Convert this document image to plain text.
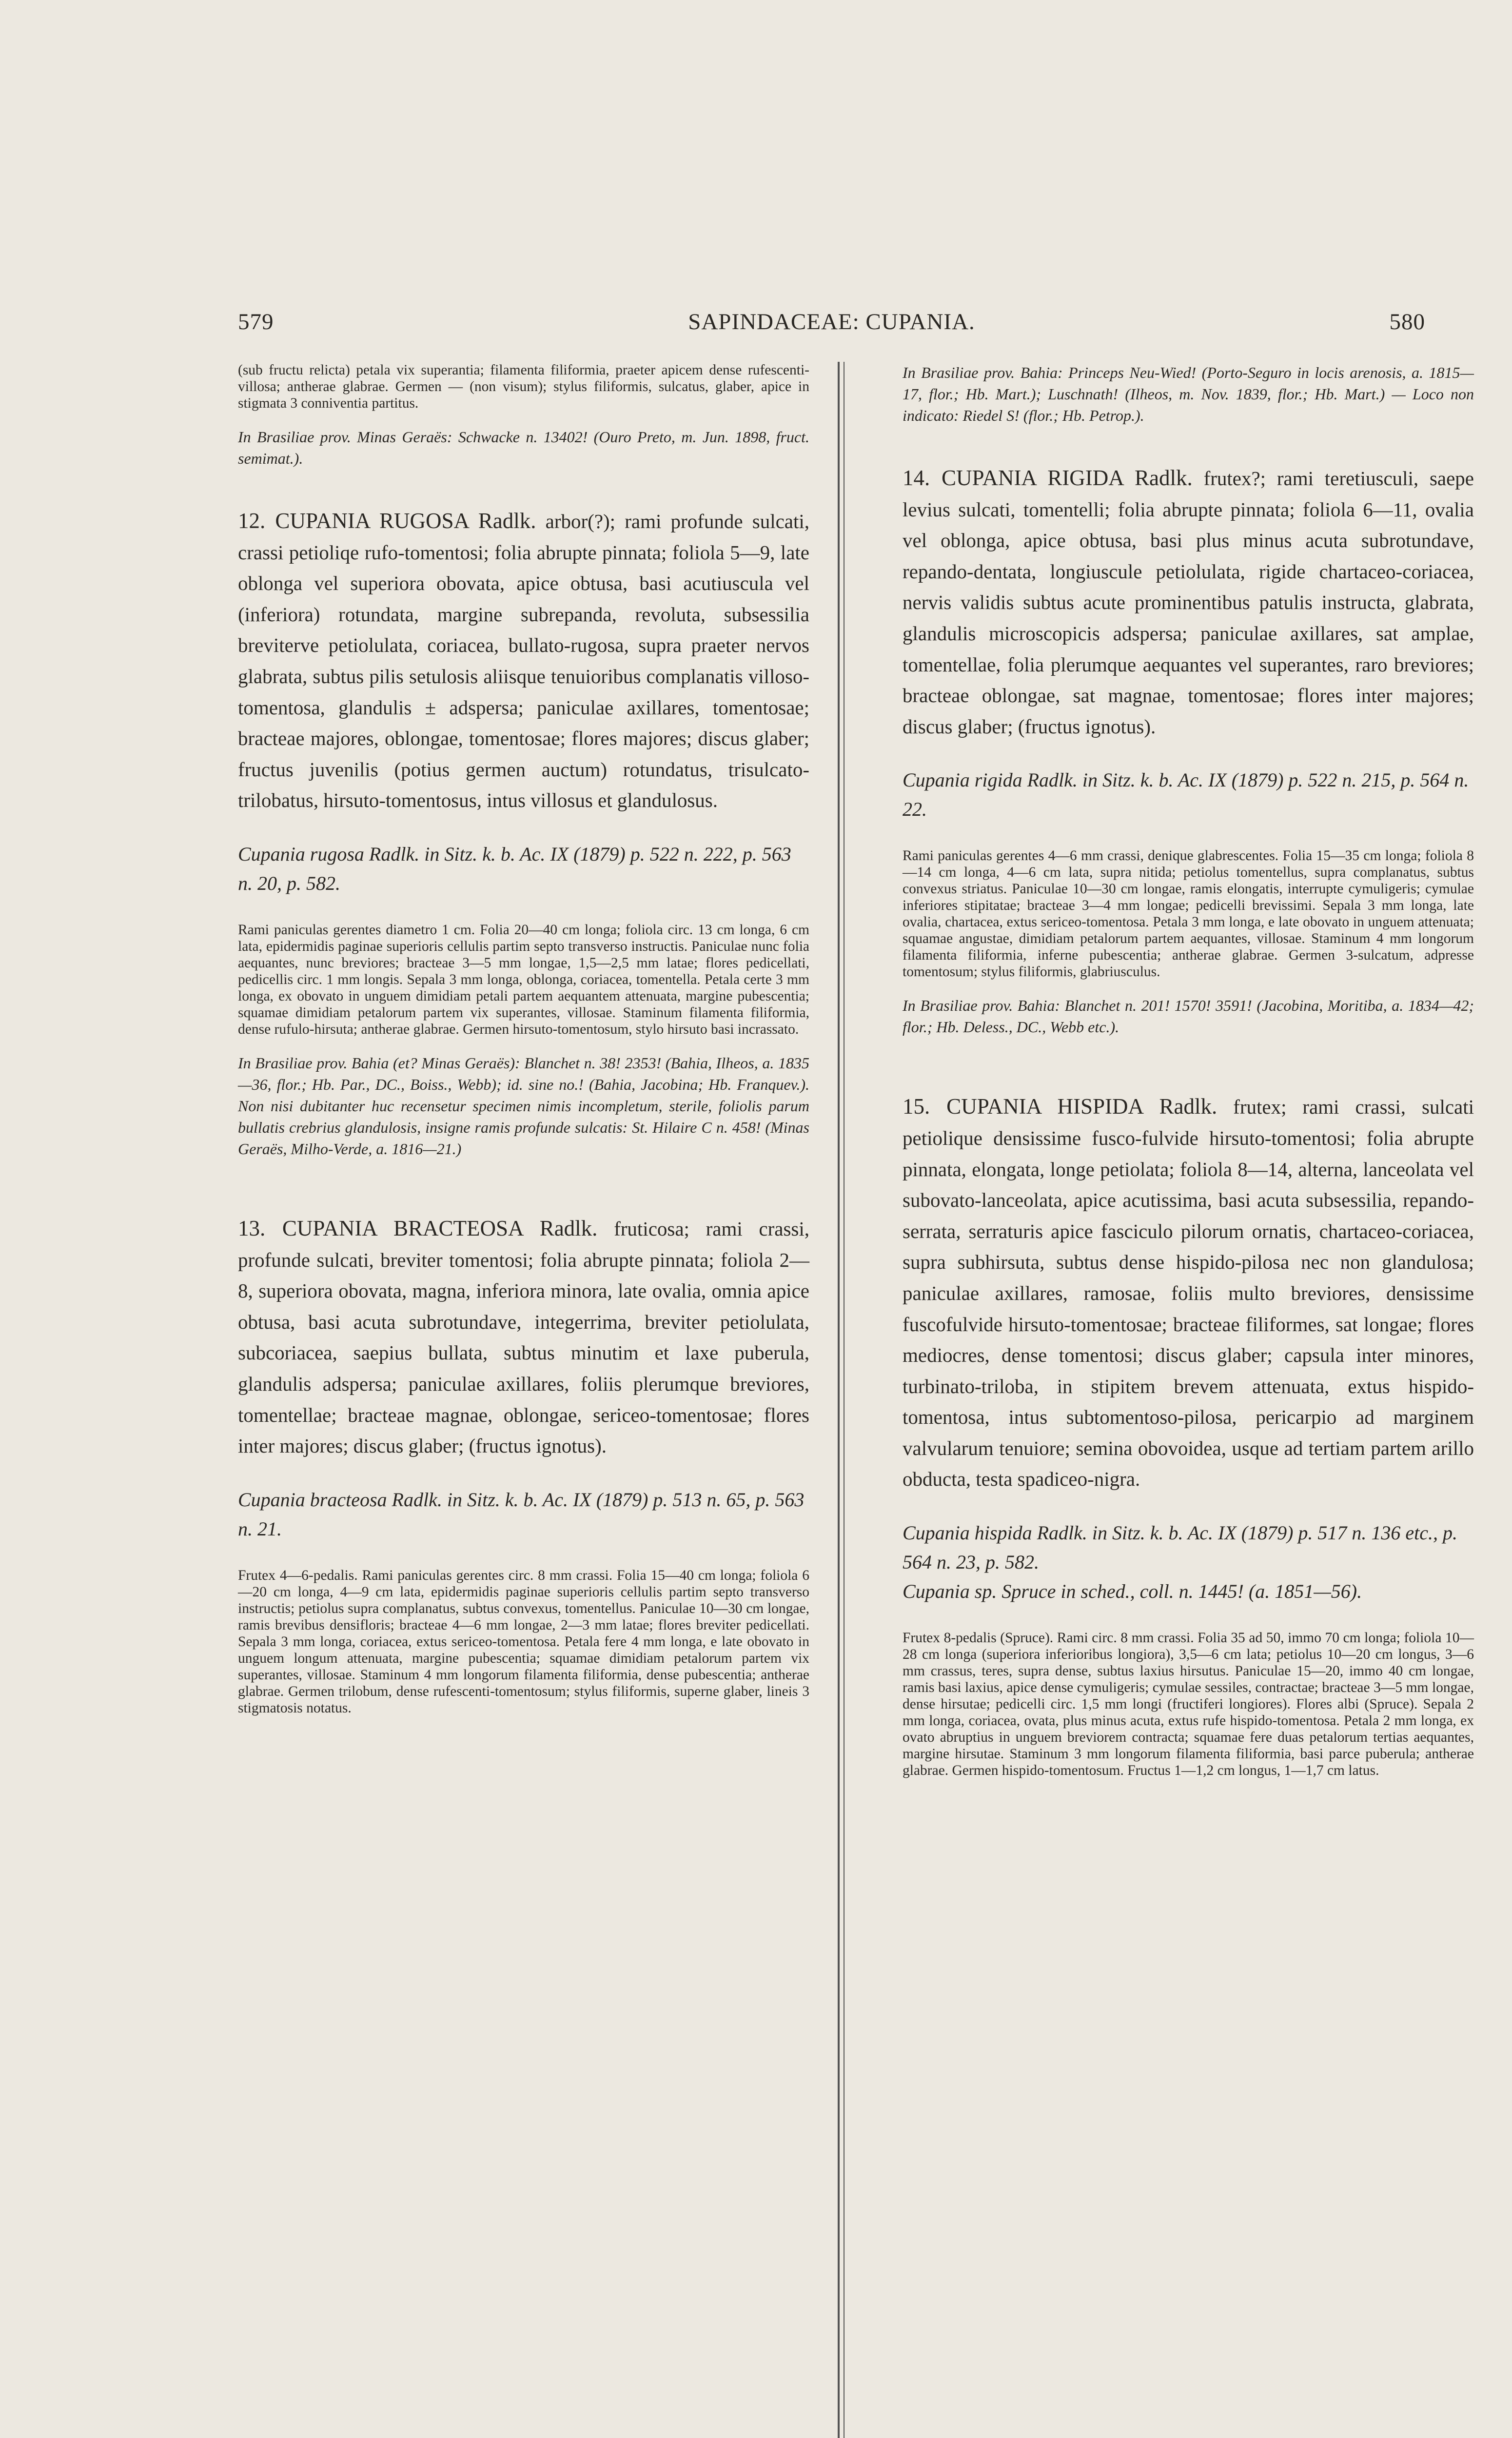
579	SAPINDACEAE: CUPANIA.	580

(sub fructu relicta) petala vix superantia; filamenta filiformia, praeter apicem dense rufescenti-villosa; antherae glabrae. Germen — (non visum); stylus filiformis, sulcatus, glaber, apice in stigmata 3 conniventia partitus.

In Brasiliae prov. Minas Geraës: Schwacke n. 13402! (Ouro Preto, m. Jun. 1898, fruct. semimat.).

12. CUPANIA RUGOSA Radlk. arbor(?); rami profunde sulcati, crassi petioliqe rufo-tomentosi; folia abrupte pinnata; foliola 5—9, late oblonga vel superiora obovata, apice obtusa, basi acutiuscula vel (inferiora) rotundata, margine subrepanda, revoluta, subsessilia breviterve petiolulata, coriacea, bullato-rugosa, supra praeter nervos glabrata, subtus pilis setulosis aliisque tenuioribus complanatis villoso-tomentosa, glandulis ± adspersa; paniculae axillares, tomentosae; bracteae majores, oblongae, tomentosae; flores majores; discus glaber; fructus juvenilis (potius germen auctum) rotundatus, trisulcato-trilobatus, hirsuto-tomentosus, intus villosus et glandulosus.

Cupania rugosa Radlk. in Sitz. k. b. Ac. IX (1879) p. 522 n. 222, p. 563 n. 20, p. 582.

Rami paniculas gerentes diametro 1 cm. Folia 20—40 cm longa; foliola circ. 13 cm longa, 6 cm lata, epidermidis paginae superioris cellulis partim septo transverso instructis. Paniculae nunc folia aequantes, nunc breviores; bracteae 3—5 mm longae, 1,5—2,5 mm latae; flores pedicellati, pedicellis circ. 1 mm longis. Sepala 3 mm longa, oblonga, coriacea, tomentella. Petala certe 3 mm longa, ex obovato in unguem dimidiam petali partem aequantem attenuata, margine pubescentia; squamae dimidiam petalorum partem vix superantes, villosae. Staminum filamenta filiformia, dense rufulo-hirsuta; antherae glabrae. Germen hirsuto-tomentosum, stylo hirsuto basi incrassato.

In Brasiliae prov. Bahia (et? Minas Geraës): Blanchet n. 38! 2353! (Bahia, Ilheos, a. 1835—36, flor.; Hb. Par., DC., Boiss., Webb); id. sine no.! (Bahia, Jacobina; Hb. Franquev.). Non nisi dubitanter huc recensetur specimen nimis incompletum, sterile, foliolis parum bullatis crebrius glandulosis, insigne ramis profunde sulcatis: St. Hilaire C n. 458! (Minas Geraës, Milho-Verde, a. 1816—21.)

13. CUPANIA BRACTEOSA Radlk. fruticosa; rami crassi, profunde sulcati, breviter tomentosi; folia abrupte pinnata; foliola 2—8, superiora obovata, magna, inferiora minora, late ovalia, omnia apice obtusa, basi acuta subrotundave, integerrima, breviter petiolulata, subcoriacea, saepius bullata, subtus minutim et laxe puberula, glandulis adspersa; paniculae axillares, foliis plerumque breviores, tomentellae; bracteae magnae, oblongae, sericeo-tomentosae; flores inter majores; discus glaber; (fructus ignotus).

Cupania bracteosa Radlk. in Sitz. k. b. Ac. IX (1879) p. 513 n. 65, p. 563 n. 21.

Frutex 4—6-pedalis. Rami paniculas gerentes circ. 8 mm crassi. Folia 15—40 cm longa; foliola 6—20 cm longa, 4—9 cm lata, epidermidis paginae superioris cellulis partim septo transverso instructis; petiolus supra complanatus, subtus convexus, tomentellus. Paniculae 10—30 cm longae, ramis brevibus densifloris; bracteae 4—6 mm longae, 2—3 mm latae; flores breviter pedicellati. Sepala 3 mm longa, coriacea, extus sericeo-tomentosa. Petala fere 4 mm longa, e late obovato in unguem longum attenuata, margine pubescentia; squamae dimidiam petalorum partem vix superantes, villosae. Staminum 4 mm longorum filamenta filiformia, dense pubescentia; antherae glabrae. Germen trilobum, dense rufescenti-tomentosum; stylus filiformis, superne glaber, lineis 3 stigmatosis notatus.

In Brasiliae prov. Bahia: Princeps Neu-Wied! (Porto-Seguro in locis arenosis, a. 1815—17, flor.; Hb. Mart.); Luschnath! (Ilheos, m. Nov. 1839, flor.; Hb. Mart.) — Loco non indicato: Riedel S! (flor.; Hb. Petrop.).

14. CUPANIA RIGIDA Radlk. frutex?; rami teretiusculi, saepe levius sulcati, tomentelli; folia abrupte pinnata; foliola 6—11, ovalia vel oblonga, apice obtusa, basi plus minus acuta subrotundave, repando-dentata, longiuscule petiolulata, rigide chartaceo-coriacea, nervis validis subtus acute prominentibus patulis instructa, glabrata, glandulis microscopicis adspersa; paniculae axillares, sat amplae, tomentellae, folia plerumque aequantes vel superantes, raro breviores; bracteae oblongae, sat magnae, tomentosae; flores inter majores; discus glaber; (fructus ignotus).

Cupania rigida Radlk. in Sitz. k. b. Ac. IX (1879) p. 522 n. 215, p. 564 n. 22.

Rami paniculas gerentes 4—6 mm crassi, denique glabrescentes. Folia 15—35 cm longa; foliola 8—14 cm longa, 4—6 cm lata, supra nitida; petiolus tomentellus, supra complanatus, subtus convexus striatus. Paniculae 10—30 cm longae, ramis elongatis, interrupte cymuligeris; cymulae inferiores stipitatae; bracteae 3—4 mm longae; pedicelli brevissimi. Sepala 3 mm longa, late ovalia, chartacea, extus sericeo-tomentosa. Petala 3 mm longa, e late obovato in unguem attenuata; squamae angustae, dimidiam petalorum partem aequantes, villosae. Staminum 4 mm longorum filamenta filiformia, inferne pubescentia; antherae glabrae. Germen 3-sulcatum, adpresse tomentosum; stylus filiformis, glabriusculus.

In Brasiliae prov. Bahia: Blanchet n. 201! 1570! 3591! (Jacobina, Moritiba, a. 1834—42; flor.; Hb. Deless., DC., Webb etc.).

15. CUPANIA HISPIDA Radlk. frutex; rami crassi, sulcati petiolique densissime fusco-fulvide hirsuto-tomentosi; folia abrupte pinnata, elongata, longe petiolata; foliola 8—14, alterna, lanceolata vel subovato-lanceolata, apice acutissima, basi acuta subsessilia, repando-serrata, serraturis apice fasciculo pilorum ornatis, chartaceo-coriacea, supra subhirsuta, subtus dense hispido-pilosa nec non glandulosa; paniculae axillares, ramosae, foliis multo breviores, densissime fuscofulvide hirsuto-tomentosae; bracteae filiformes, sat longae; flores mediocres, dense tomentosi; discus glaber; capsula inter minores, turbinato-triloba, in stipitem brevem attenuata, extus hispido-tomentosa, intus subtomentoso-pilosa, pericarpio ad marginem valvularum tenuiore; semina obovoidea, usque ad tertiam partem arillo obducta, testa spadiceo-nigra.

Cupania hispida Radlk. in Sitz. k. b. Ac. IX (1879) p. 517 n. 136 etc., p. 564 n. 23, p. 582.

Cupania sp. Spruce in sched., coll. n. 1445! (a. 1851—56).

Frutex 8-pedalis (Spruce). Rami circ. 8 mm crassi. Folia 35 ad 50, immo 70 cm longa; foliola 10—28 cm longa (superiora inferioribus longiora), 3,5—6 cm lata; petiolus 10—20 cm longus, 3—6 mm crassus, teres, supra dense, subtus laxius hirsutus. Paniculae 15—20, immo 40 cm longae, ramis basi laxius, apice dense cymuligeris; cymulae sessiles, contractae; bracteae 3—5 mm longae, dense hirsutae; pedicelli circ. 1,5 mm longi (fructiferi longiores). Flores albi (Spruce). Sepala 2 mm longa, coriacea, ovata, plus minus acuta, extus rufe hispido-tomentosa. Petala 2 mm longa, ex ovato abruptius in unguem breviorem contracta; squamae fere duas petalorum tertias aequantes, margine hirsutae. Staminum 3 mm longorum filamenta filiformia, basi parce puberula; antherae glabrae. Germen hispido-tomentosum. Fructus 1—1,2 cm longus, 1—1,7 cm latus.
